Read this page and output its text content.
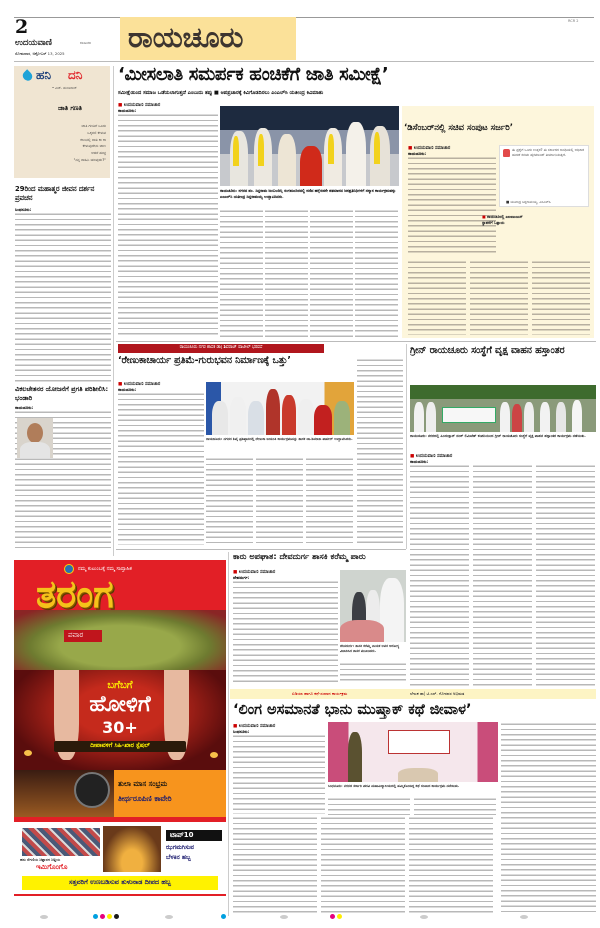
2
ಉದಯವಾಣಿ	ಕಲಬುರಗಿ
ಸೋಮವಾರ, ಅಕ್ಟೋಬರ್ 13, 2025 ರಾಯಚೂರು	RCR 2
ಹನಿ ದನಿ
• ಎಚ್. ಡುಂಡಿರಾಜ್
ಜಾತಿ ಗಣತಿ
ಜಾತಿ ಗಣತಿಗೆ ಒಂದು
ಒಕ್ಕರಣಿ ಕೇಳುವ
ಕಲಂನಲ್ಲಿ ಜಾತಿ ಕಾ ಕಾ
ಕೇಳುವುದೇನು ಜಾಣ
ಆದರೆ ಹುಚ್ಚ
"ನನ್ನ ದಾಹಿನಿ ಯಾವುದು?"
29ರಿಂದ ಮಹಾತ್ಮರ ಜೀವನ ದರ್ಶನ ಪ್ರವಚನ
ಸಿಂಧನೂರು:
ವಿಕಲಚೇತನರ ಯೋಜನೆಗೆ ಪ್ರಗತಿ ಪರಿಶೀಲಿಸಿ: ಭಂಡಾರಿ
ರಾಯಚೂರು:
‘ಮೀಸಲಾತಿ ಸಮರ್ಪಕ ಹಂಚಿಕೆಗೆ ಜಾತಿ ಸಮೀಕ್ಷೆ’
ಸಮೀಕ್ಷೆಯಿಂದ ಸಮಾಜ ಒಡೆಯಲಾಗುತ್ತದೆ ಎಂಬುದು ತಪ್ಪು ■ ಅಪಪ್ರಚಾರಕ್ಕೆ ಕಿವಿಗೊಡದಿರಲು ಎಂಎಲ್‌ಸಿ ಯತೀಂದ್ರ ಕಿವಿಮಾತು
■ ಉದಯವಾಣಿ ಸಮಾಚಾರ
ರಾಯಚೂರು:
ರಾಯಚೂರು: ನಗರದ ಪಂ. ಸಿದ್ದರಾಮ ಜಂಬಲದಿನ್ನಿ ರಂಗಮಂದಿರದಲ್ಲಿ ನಡೆದ ಹನ್ನೆರಡನೇ ಶತಮಾನದ ಜನಪ್ರತಿನಿಧಿಗಳಿಗೆ ಸನ್ಮಾನ ಕಾರ್ಯಕ್ರಮವನ್ನು ಎಂಎಲ್‌ಸಿ ಯತೀಂದ್ರ ಸಿದ್ದರಾಮಯ್ಯ ಉದ್ಘಾಟಿಸಿದರು.
‘ಡಿಸೆಂಬರ್‌ನಲ್ಲಿ ಸಚಿವ ಸಂಪುಟ ಸರ್ಜರಿ’
■ ಉದಯವಾಣಿ ಸಮಾಚಾರ
ರಾಯಚೂರು:
ಈ ಪ್ರಶ್ನೆಗೆ ಒಂದು ಉತ್ತರ? ಈ ಸರ್ಕಾರದ ಅವಧಿಯಲ್ಲಿ ಅಧಿಕಾರ ಹಂಚಿಕೆ ಕುರಿತು ಹೈಕಮಾಂಡ್ ತೀರ್ಮಾನಿಸುತ್ತದೆ.
■ ಯತೀಂದ್ರ ಸಿದ್ದರಾಮಯ್ಯ, ಎಂಎಲ್‌ಸಿ
■ ರಾಯಚೂರಲ್ಲಿ ಎಐಐಎಂಎಸ್ ಸ್ಥಾಪನೆಗೆ ಒತ್ತಾಯ
ರಾಯಚೂರು ನಗರ ಶಾಸಕ ಡಾ| ಶಿವರಾಜ್ ಪಾಟೀಲ್ ಭರವಸೆ
‘ರೇಣುಕಾಚಾರ್ಯ ಪ್ರತಿಮೆ-ಗುರುಭವನ ನಿರ್ಮಾಣಕ್ಕೆ ಒತ್ತು’
■ ಉದಯವಾಣಿ ಸಮಾಚಾರ
ರಾಯಚೂರು:
ರಾಯಚೂರು: ನಗರದ ಶಿವೈ ಪ್ರತಿಷ್ಠಾನದಲ್ಲಿ ರೇಣುಕಾ ಜಯಂತಿ ಕಾರ್ಯಕ್ರಮವನ್ನು ಶಾಸಕ ಡಾ.ಶಿವರಾಜ ಪಾಟೀಲ್ ಉದ್ಘಾಟಿಸಿದರು.
ಗ್ರೀನ್ ರಾಯಚೂರು ಸಂಸ್ಥೆಗೆ ವೃಕ್ಷ ವಾಹನ ಹಸ್ತಾಂತರ
ರಾಯಚೂರು: ನಗರದಲ್ಲಿ ಹಿಂದುಸ್ತಾನ್ ಜಿಂಕ್ ಲಿಮಿಟೆಡ್ ಕಂಪನಿಯಿಂದ ಗ್ರೀನ್ ರಾಯಚೂರು ಸಂಸ್ಥೆಗೆ ವೃಕ್ಷ ವಾಹನ ಹಸ್ತಾಂತರ ಕಾರ್ಯಕ್ರಮ ನಡೆಯಿತು.
■ ಉದಯವಾಣಿ ಸಮಾಚಾರ
ರಾಯಚೂರು:
ಕಾರು ಅಪಘಾತ: ದೇವದುರ್ಗ ಶಾಸಕಿ ಕರೆಮ್ಮ ಪಾರು
■ ಉದಯವಾಣಿ ಸಮಾಚಾರ
ದೇವದುರ್ಗ:
ದೇವದುರ್ಗ: ಶಾಸಕಿ ಕರೆಮ್ಮ ನಾಯಕ ಅವರ ಆರೋಗ್ಯ ವಿಚಾರಿಸಿದ ಶಾಸಕ ಮುಖಂಡರು.
ಏಡಿಯಾ ಹಾಗೂ ಕಥೆ-ಸಂವಾದ ಕಾರ್ಯಕ್ರಮ	ಲೇಖಕ ಡಾ| ಟಿ.ಎಸ್. ಗೋರವರ ಅಭಿಮತ
‘ಲಿಂಗ ಅಸಮಾನತೆ ಭಾನು ಮುಷ್ತಾಕ್ ಕಥೆ ಜೀವಾಳ’
■ ಉದಯವಾಣಿ ಸಮಾಚಾರ
ಸಿಂಧನೂರು:
ಸಿಂಧನೂರು: ನಗರದ ಸರ್ಕಾರಿ ಪದವಿ ಮಹಾವಿದ್ಯಾಲಯದಲ್ಲಿ ಹಮ್ಮಿಕೊಂಡಿದ್ದ ಕಥೆ ಸಂವಾದ ಕಾರ್ಯಕ್ರಮ ನಡೆಯಿತು.
ನಮ್ಮ ಕುಟುಂಬಕ್ಕೆ ನಮ್ಮ ಸಾಪ್ತಾಹಿಕ
ತರಂಗ
ಪವಾರ
ಬಗೆಬಗೆ
ಹೋಳಿಗೆ
30+
ದೀಪಾವಳಿಗೆ ಸಿಹಿ-ಖಾರ ಸ್ಪೆಷಲ್
ತುಲಾ ಮಾಸ ಸಂಭ್ರಮ
ತೀರ್ಥರೂಪಿಣಿ ಕಾವೇರಿ
ಹಸು ಸೆಗಣಿಯ ಚಿತ್ತಾರದ ಚಿತ್ತಿಯ
ಇಮಿಗೊಂಗೊ
ಟಾಪ್10
ಝಗಮಗಿಸುವ
ಬೆಳಕಿನ ಹಬ್ಬ
ಸತ್ತವರಿಗೆ ಉಣಬಡಿಸುವ ತುಳುನಾಡ ದೀಪದ ಹಬ್ಬ
